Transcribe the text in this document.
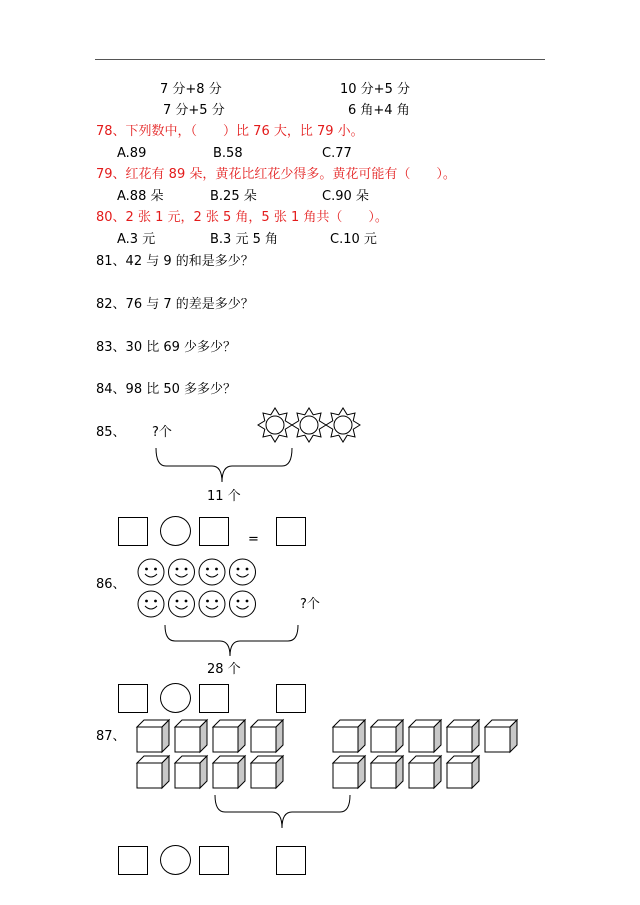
7 分+8 分	10 分+5 分
7 分+5 分	6 角+4 角
78、下列数中，（　　）比 76 大，比 79 小。
A.89	B.58	C.77
79、红花有 89 朵，黄花比红花少得多。黄花可能有（　　）。
A.88 朵	B.25 朵	C.90 朵
80、2 张 1 元，2 张 5 角，5 张 1 角共（　　）。
A.3 元	B.3 元 5 角	C.10 元
81、42 与 9 的和是多少？
82、76 与 7 的差是多少？
83、30 比 69 少多少？
84、98 比 50 多多少？
85、 ?个
11 个
=
86、
?个
28 个
87、
